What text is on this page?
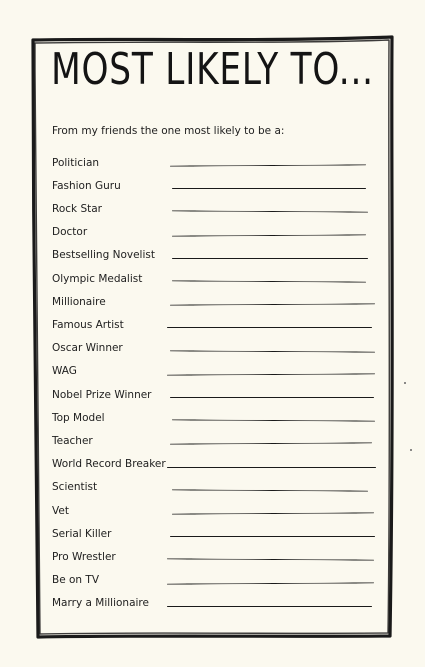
MOST LIKELY TO...
From my friends the one most likely to be a:
Politician
Fashion Guru
Rock Star
Doctor
Bestselling Novelist
Olympic Medalist
Millionaire
Famous Artist
Oscar Winner
WAG
Nobel Prize Winner
Top Model
Teacher
World Record Breaker
Scientist
Vet
Serial Killer
Pro Wrestler
Be on TV
Marry a Millionaire
